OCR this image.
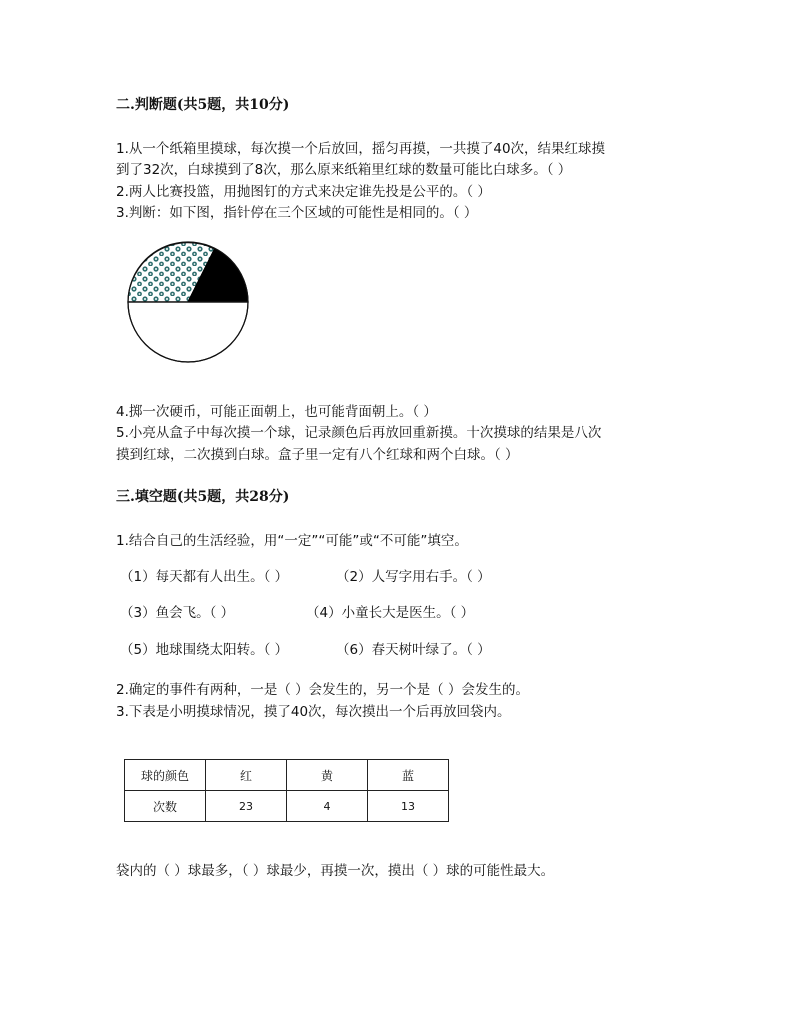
二.判断题(共5题，共10分)
1.从一个纸箱里摸球，每次摸一个后放回，摇匀再摸，一共摸了40次，结果红球摸
到了32次，白球摸到了8次，那么原来纸箱里红球的数量可能比白球多。（ ）
2.两人比赛投篮，用抛图钉的方式来决定谁先投是公平的。（ ）
3.判断：如下图，指针停在三个区域的可能性是相同的。（ ）
4.掷一次硬币，可能正面朝上，也可能背面朝上。（ ）
5.小亮从盒子中每次摸一个球，记录颜色后再放回重新摸。十次摸球的结果是八次
摸到红球，二次摸到白球。盒子里一定有八个红球和两个白球。（ ）
三.填空题(共5题，共28分)
1.结合自己的生活经验，用“一定”“可能”或“不可能”填空。
（1）每天都有人出生。（ ）	（2）人写字用右手。（ ）
（3）鱼会飞。（ ）	（4）小童长大是医生。（ ）
（5）地球围绕太阳转。（ ）	（6）春天树叶绿了。（ ）
2.确定的事件有两种，一是（ ）会发生的，另一个是（ ）会发生的。
3.下表是小明摸球情况，摸了40次，每次摸出一个后再放回袋内。
球的颜色	红	黄	蓝
次数	23	4	13
袋内的（ ）球最多，（ ）球最少，再摸一次，摸出（ ）球的可能性最大。
